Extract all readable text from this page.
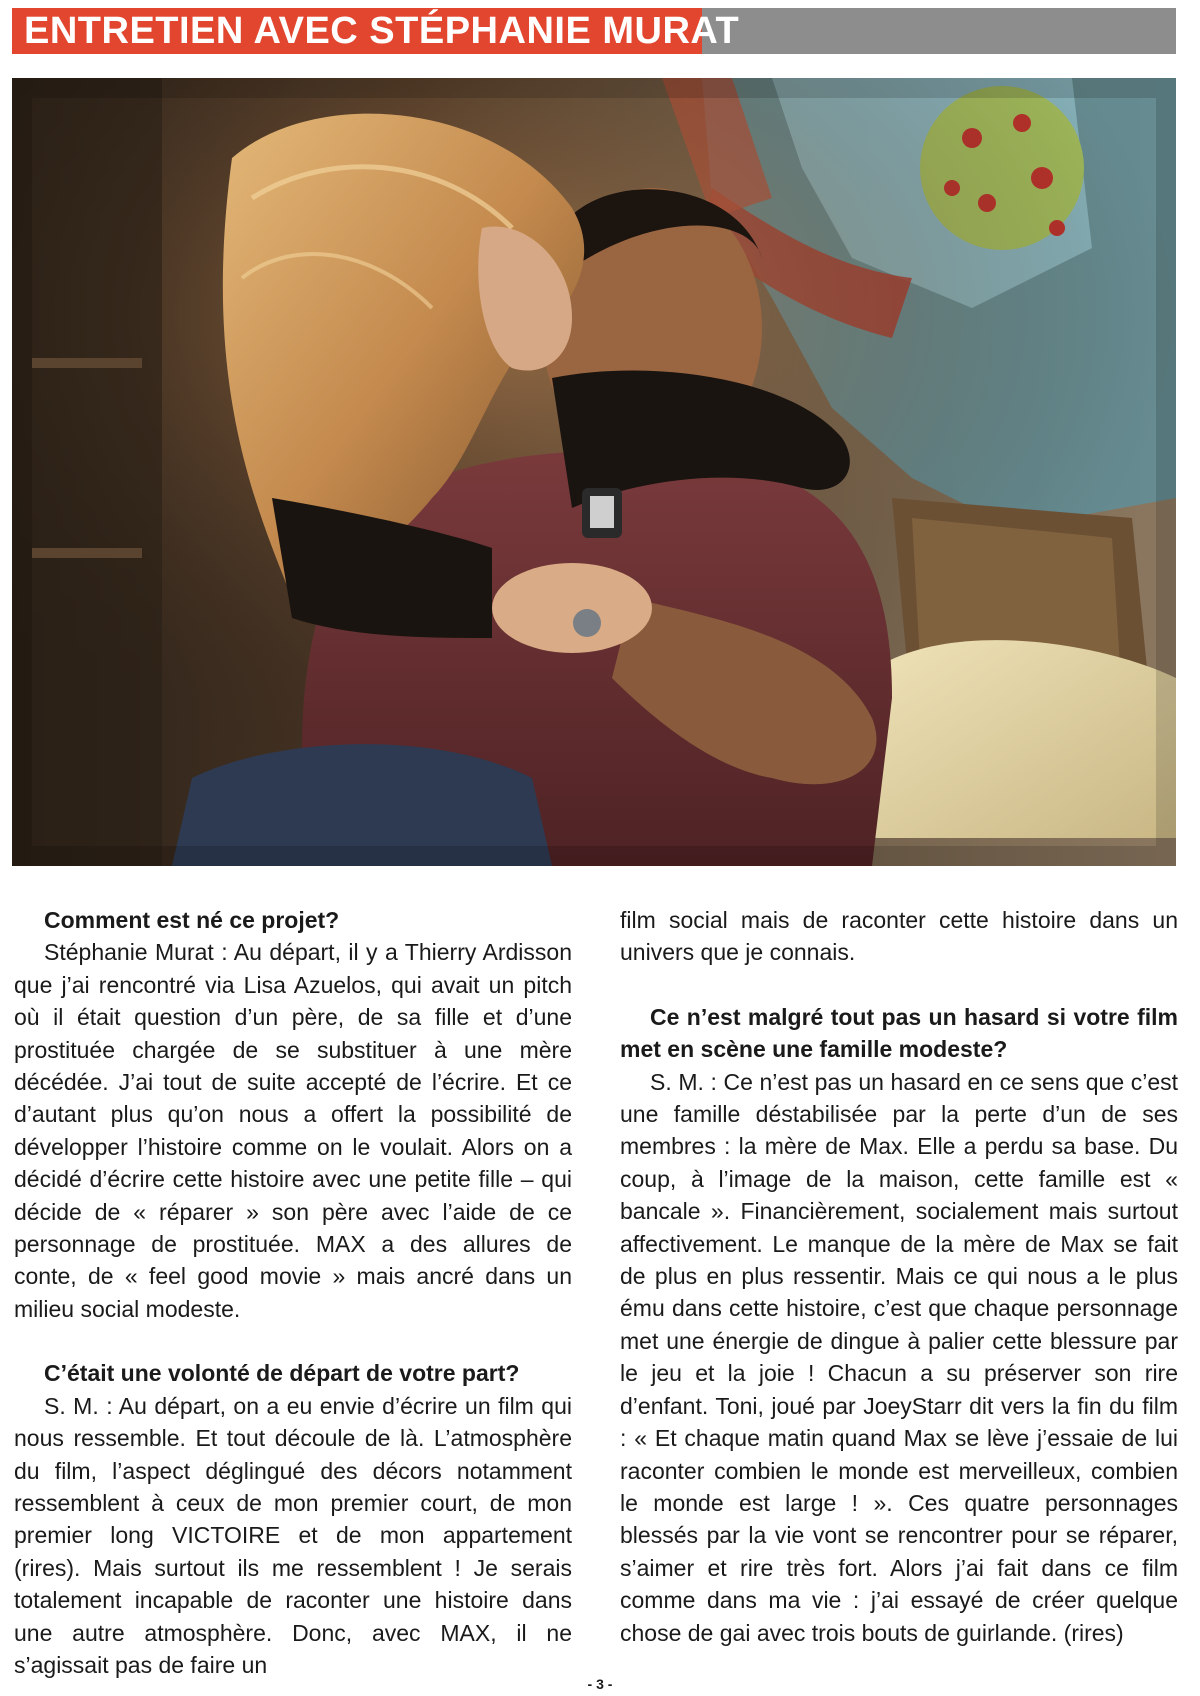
ENTRETIEN AVEC STÉPHANIE MURAT

Comment est né ce projet?

Stéphanie Murat : Au départ, il y a Thierry Ardisson que j’ai rencontré via Lisa Azuelos, qui avait un pitch où il était question d’un père, de sa fille et d’une prostituée chargée de se substituer à une mère décédée. J’ai tout de suite accepté de l’écrire. Et ce d’autant plus qu’on nous a offert la possibilité de développer l’histoire comme on le voulait. Alors on a décidé d’écrire cette histoire avec une petite fille – qui décide de « réparer » son père avec l’aide de ce personnage de prostituée. MAX a des allures de conte, de « feel good movie » mais ancré dans un milieu social modeste.

C’était une volonté de départ de votre part?

S. M. : Au départ, on a eu envie d’écrire un film qui nous ressemble. Et tout découle de là. L’atmosphère du film, l’aspect déglingué des décors notamment ressemblent à ceux de mon premier court, de mon premier long VICTOIRE et de mon appartement (rires). Mais surtout ils me ressemblent ! Je serais totalement incapable de raconter une histoire dans une autre atmosphère. Donc, avec MAX, il ne s’agissait pas de faire un

film social mais de raconter cette histoire dans un univers que je connais.

Ce n’est malgré tout pas un hasard si votre film met en scène une famille modeste?

S. M. : Ce n’est pas un hasard en ce sens que c’est une famille déstabilisée par la perte d’un de ses membres : la mère de Max. Elle a perdu sa base. Du coup, à l’image de la maison, cette famille est « bancale ». Financièrement, socialement mais surtout affectivement. Le manque de la mère de Max se fait de plus en plus ressentir. Mais ce qui nous a le plus ému dans cette histoire, c’est que chaque personnage met une énergie de dingue à palier cette blessure par le jeu et la joie ! Chacun a su préserver son rire d’enfant. Toni, joué par JoeyStarr dit vers la fin du film : « Et chaque matin quand Max se lève j’essaie de lui raconter combien le monde est merveilleux, combien le monde est large ! ». Ces quatre personnages blessés par la vie vont se rencontrer pour se réparer, s’aimer et rire très fort. Alors j’ai fait dans ce film comme dans ma vie : j’ai essayé de créer quelque chose de gai avec trois bouts de guirlande. (rires)

- 3 -
